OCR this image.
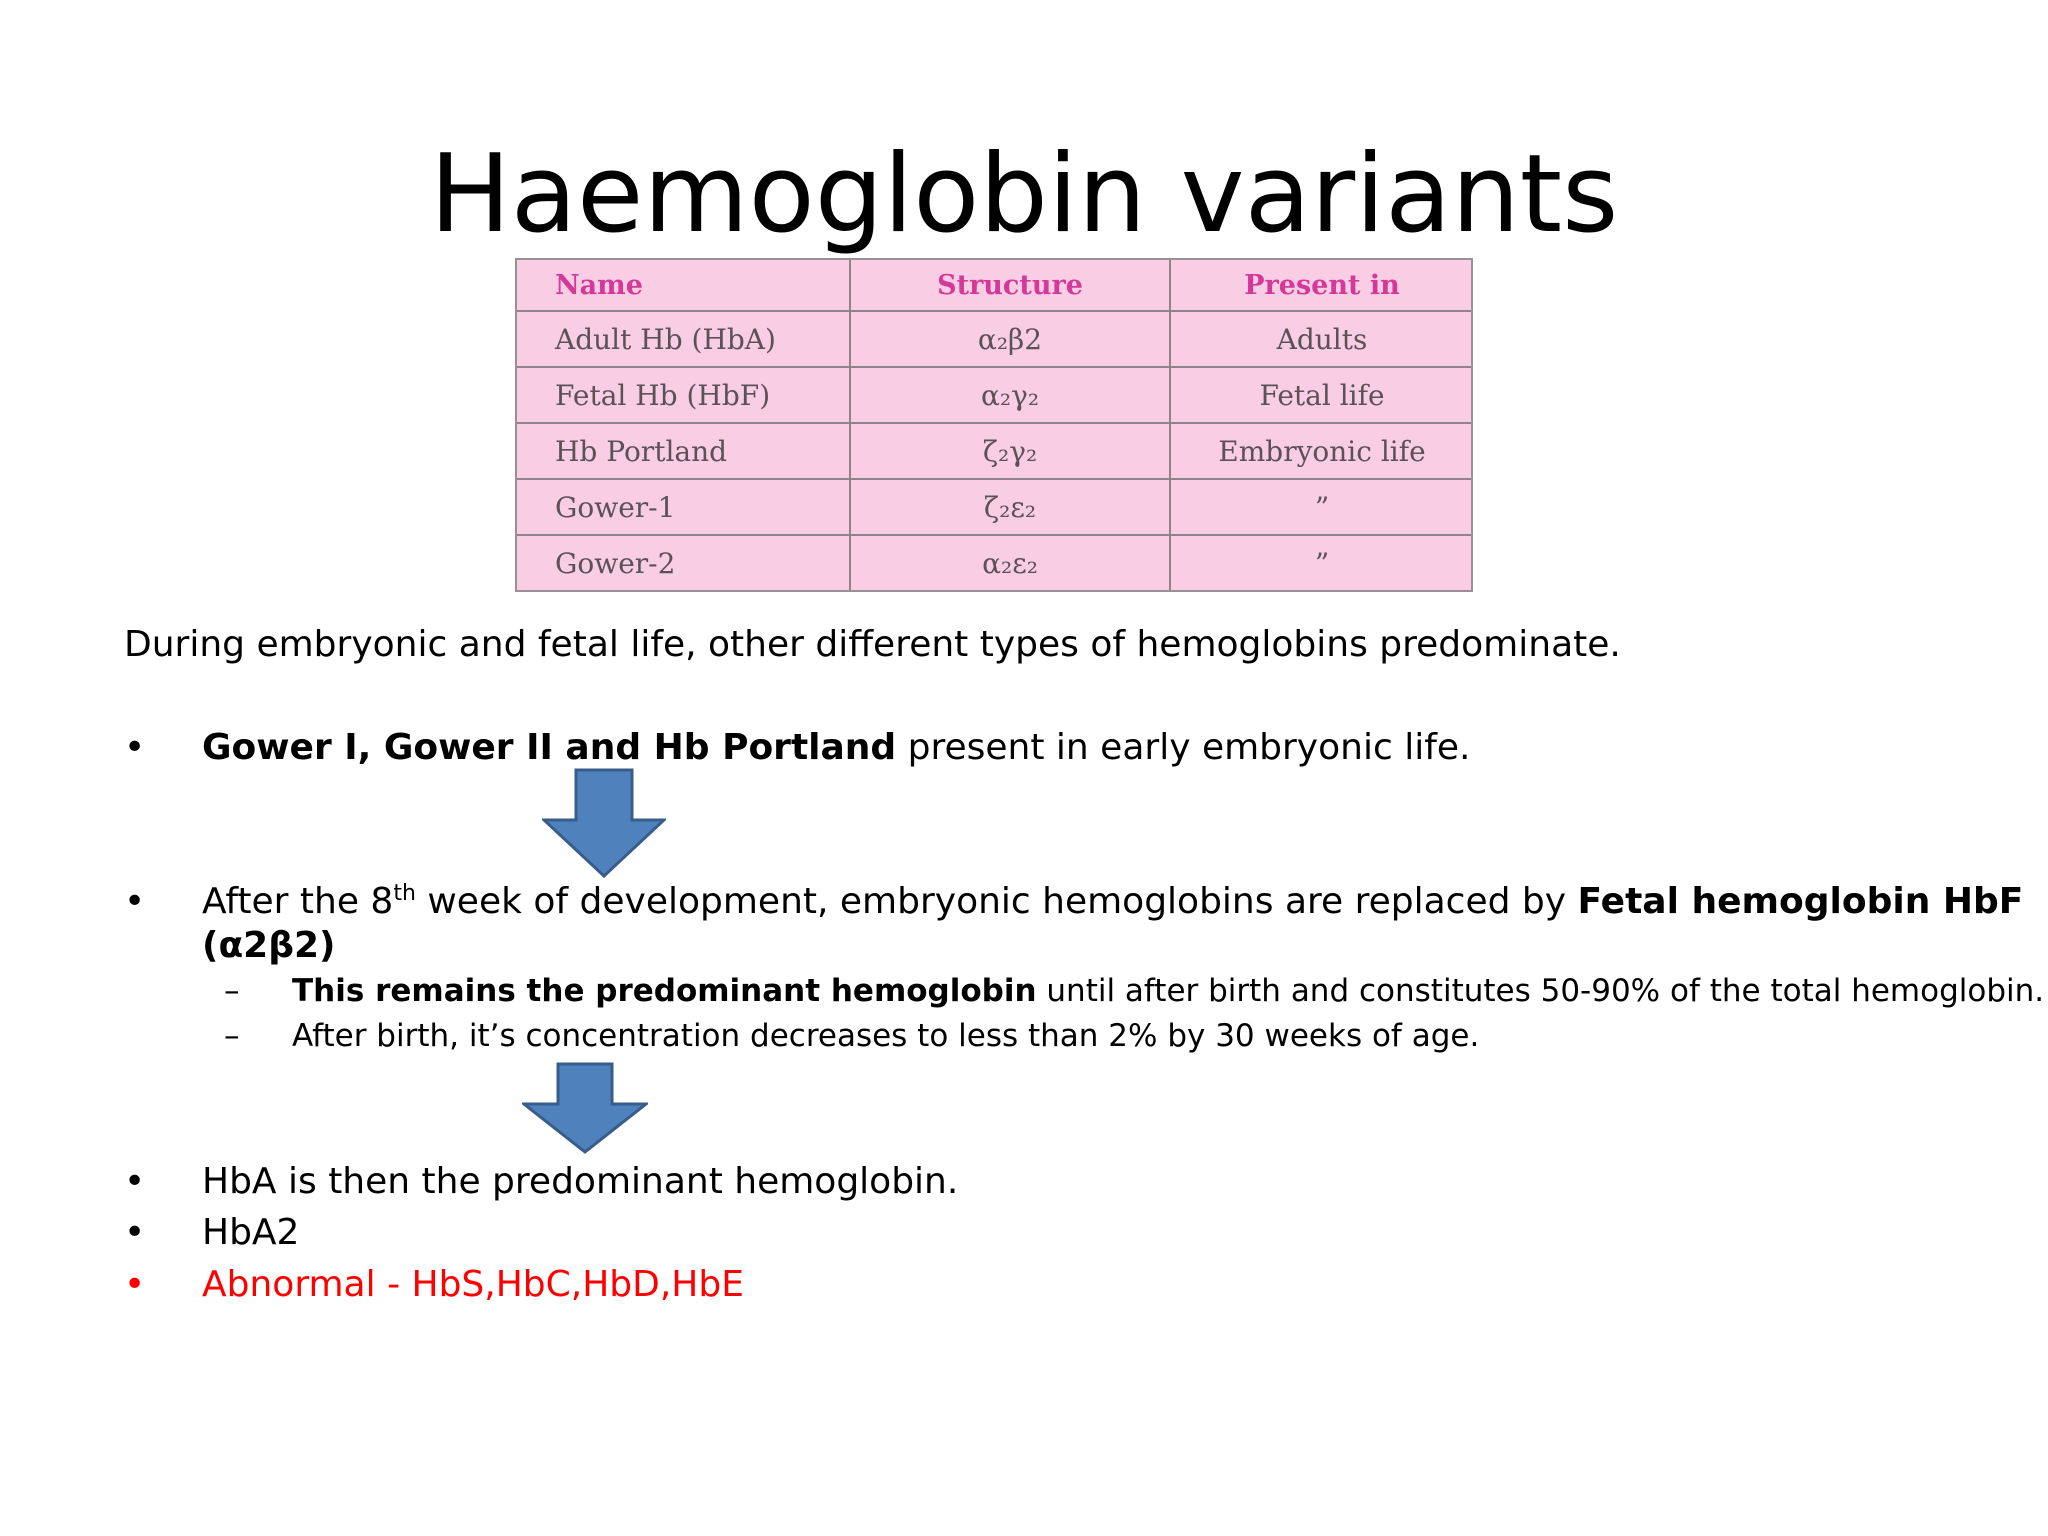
Haemoglobin variants
Name	Structure	Present in
Adult Hb (HbA)	α₂β2	Adults
Fetal Hb (HbF)	α₂γ₂	Fetal life
Hb Portland	ζ₂γ₂	Embryonic life
Gower-1	ζ₂ε₂	”
Gower-2	α₂ε₂	”
During embryonic and fetal life, other different types of hemoglobins predominate.
• Gower I, Gower II and Hb Portland present in early embryonic life.
• After the 8th week of development, embryonic hemoglobins are replaced by Fetal hemoglobin HbF (α2β2)
– This remains the predominant hemoglobin until after birth and constitutes 50-90% of the total hemoglobin.
– After birth, it’s concentration decreases to less than 2% by 30 weeks of age.
• HbA is then the predominant hemoglobin.
• HbA2
• Abnormal - HbS,HbC,HbD,HbE
